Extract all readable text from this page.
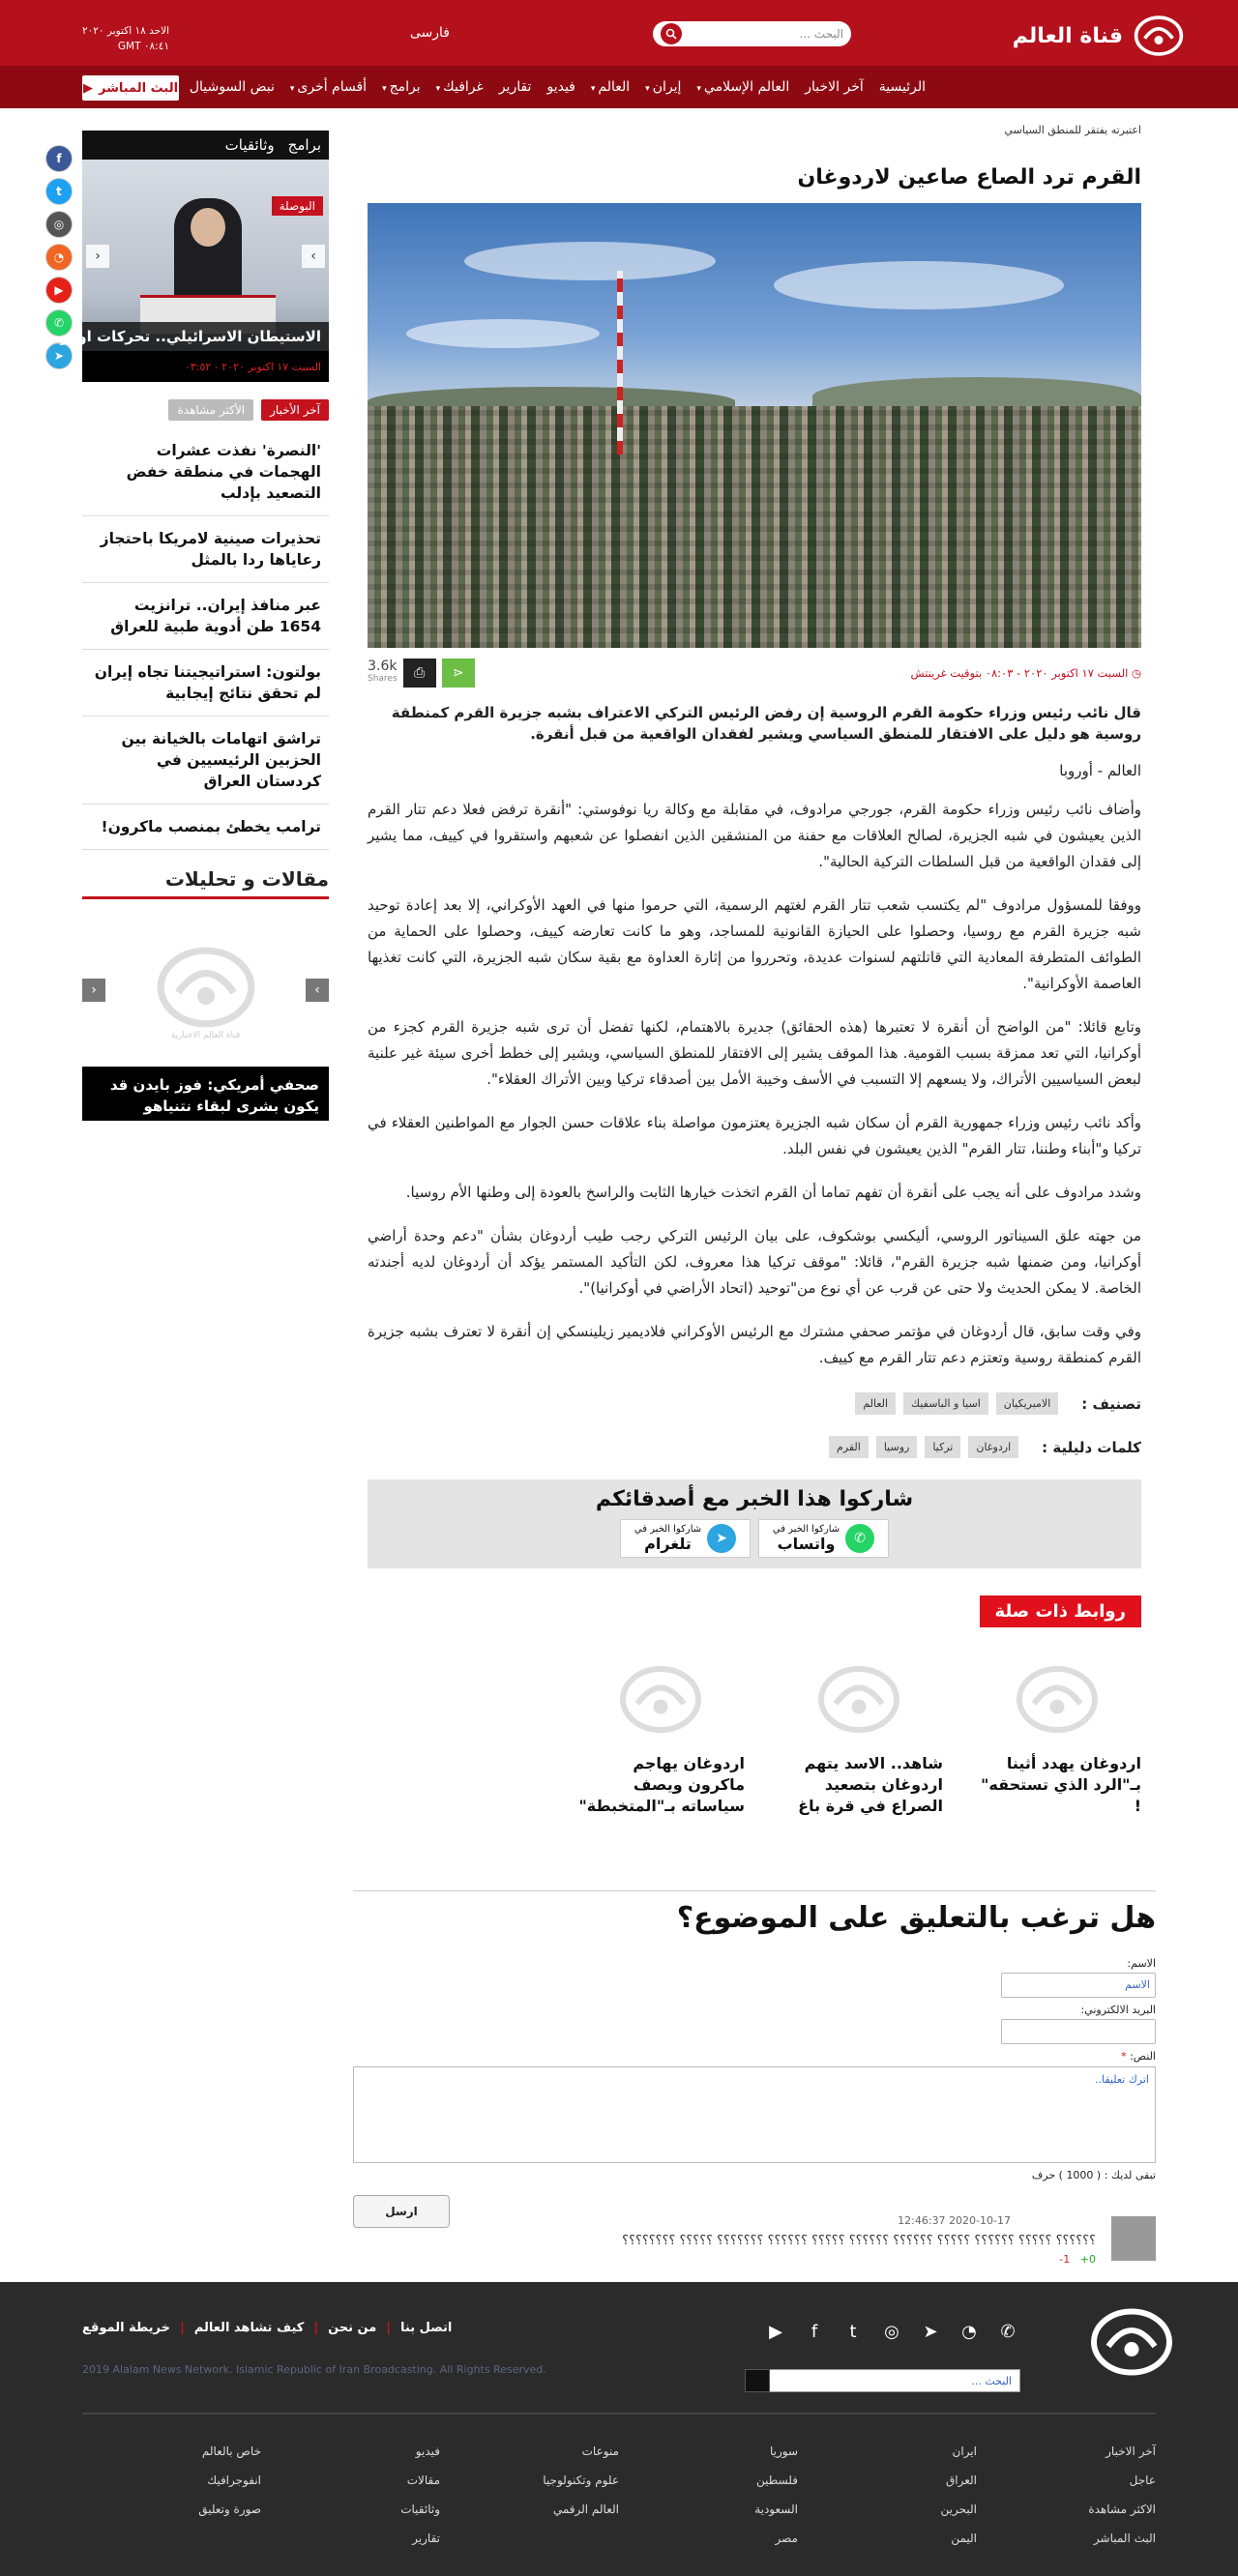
قناة العالم
فارسی	البحث ...
الاحد ١٨ اكتوبر ٢٠٢٠
٠٨:٤١ GMT
الرئيسية
آخر الاخبار
العالم الإسلامي▾
إيران▾
العالم▾
فيديو
تقارير
غرافيك▾
برامج▾
أقسام أخرى▾
نبض السوشيال
البث المباشر
▶
f
t
◎
◔
▶
✆
➤
برامج
وثائقيات
البوصلة
›
‹
الاستيطان الاسرائيلي.. تحركات اوروبية
السبت ١٧ اكتوبر ٢٠٢٠ - ٠٣:٥٢
آخر الأخبار
الأكثر مشاهدة
'النصرة' نفذت عشرات الهجمات في منطقة خفض التصعيد بإدلب
تحذيرات صينية لامريكا باحتجاز رعاياها ردا بالمثل
عبر منافذ إيران.. ترانزيت 1654 طن أدوية طبية للعراق
بولتون: استراتيجيتنا تجاه إيران لم تحقق نتائج إيجابية
تراشق اتهامات بالخيانة بين الحزبين الرئيسيين في كردستان العراق
ترامب يخطئ بمنصب ماكرون!
مقالات و تحليلات
›
قناة العالم الاخبارية
‹
صحفي أمريكي: فوز بايدن قد يكون بشرى لبقاء نتنياهو السياسي
اعتبرته يفتقر للمنطق السياسي
القرم ترد الصاع صاعين لاردوغان
◷ السبت ١٧ اكتوبر ٢٠٢٠ - ٠٨:٠٣ بتوقيت غرينتش
⋖
⎙
3.6k
Shares

قال نائب رئيس وزراء حكومة القرم الروسية إن رفض الرئيس التركي الاعتراف بشبه جزيرة القرم كمنطقة روسية هو دليل على الافتقار للمنطق السياسي ويشير لفقدان الواقعية من قبل أنقرة.

العالم - أوروبا

وأضاف نائب رئيس وزراء حكومة القرم، جورجي مرادوف، في مقابلة مع وكالة ريا نوفوستي: "أنقرة ترفض فعلا دعم تتار القرم الذين يعيشون في شبه الجزيرة، لصالح العلاقات مع حفنة من المنشقين الذين انفصلوا عن شعبهم واستقروا في كييف، مما يشير إلى فقدان الواقعية من قبل السلطات التركية الحالية".

ووفقا للمسؤول مرادوف "لم يكتسب شعب تتار القرم لغتهم الرسمية، التي حرموا منها في العهد الأوكراني، إلا بعد إعادة توحيد شبه جزيرة القرم مع روسيا، وحصلوا على الحيازة القانونية للمساجد، وهو ما كانت تعارضه كييف، وحصلوا على الحماية من الطوائف المتطرفة المعادية التي قاتلتهم لسنوات عديدة، وتحرروا من إثارة العداوة مع بقية سكان شبه الجزيرة، التي كانت تغذيها العاصمة الأوكرانية".

وتابع قائلا: "من الواضح أن أنقرة لا تعتبرها (هذه الحقائق) جديرة بالاهتمام، لكنها تفضل أن ترى شبه جزيرة القرم كجزء من أوكرانيا، التي تعد ممزقة بسبب القومية. هذا الموقف يشير إلى الافتقار للمنطق السياسي، ويشير إلى خطط أخرى سيئة غير علنية لبعض السياسيين الأتراك، ولا يسعهم إلا التسبب في الأسف وخيبة الأمل بين أصدقاء تركيا وبين الأتراك العقلاء".

وأكد نائب رئيس وزراء جمهورية القرم أن سكان شبه الجزيرة يعتزمون مواصلة بناء علاقات حسن الجوار مع المواطنين العقلاء في تركيا و"أبناء وطننا، تتار القرم" الذين يعيشون في نفس البلد.

وشدد مرادوف على أنه يجب على أنقرة أن تفهم تماما أن القرم اتخذت خيارها الثابت والراسخ بالعودة إلى وطنها الأم روسيا.

من جهته علق السيناتور الروسي، أليكسي بوشكوف، على بيان الرئيس التركي رجب طيب أردوغان بشأن "دعم وحدة أراضي أوكرانيا، ومن ضمنها شبه جزيرة القرم"، قائلا: "موقف تركيا هذا معروف، لكن التأكيد المستمر يؤكد أن أردوغان لديه أجندته الخاصة. لا يمكن الحديث ولا حتى عن قرب عن أي نوع من"توحيد (اتحاد الأراضي في أوكرانيا)".

وفي وقت سابق، قال أردوغان في مؤتمر صحفي مشترك مع الرئيس الأوكراني فلاديمير زيلينسكي إن أنقرة لا تعترف بشبه جزيرة القرم كمنطقة روسية وتعتزم دعم تتار القرم مع كييف.

تصنيف :
الامبريكيان
اسيا و الباسفيك
العالم
كلمات دليلية :
اردوغان
تركيا
روسيا
القرم
شاركوا هذا الخبر مع أصدقائكم
✆
شاركوا الخبر في
واتساب
➤
شاركوا الخبر في
تلغرام
روابط ذات صلة
اردوغان يهدد أثينا بـ"الرد الذي تستحقه" !
شاهد.. الاسد يتهم اردوغان بتصعيد الصراع في قرة باغ
اردوغان يهاجم ماكرون ويصف سياساته بـ"المتخبطة"
هل ترغب بالتعليق على الموضوع؟
الاسم:
الاسم
البريد الالكتروني:
النص: *
اترك تعليقا..
تبقى لديك : ( 1000 ) حرف
ارسل
2020-10-17 12:46:37
؟؟؟؟؟؟ ؟؟؟؟؟ ؟؟؟؟؟؟ ؟؟؟؟؟ ؟؟؟؟؟؟ ؟؟؟؟؟؟ ؟؟؟؟؟ ؟؟؟؟؟؟ ؟؟؟؟؟؟؟ ؟؟؟؟؟ ؟؟؟؟؟؟؟؟
0+   1-
✆
◔
➤
◎
t
f
▶
اتصل بنا
|
من نحن
|
كيف تشاهد العالم
|
خريطة الموقع
2019 Alalam News Network. Islamic Republic of Iran Broadcasting. All Rights Reserved.
البحث ...
آخر الاخبار
ايران
سوريا
منوعات
فيديو
خاص بالعالم
عاجل
العراق
فلسطين
علوم وتكنولوجيا
مقالات
انفوجرافيك
الاكثر مشاهدة
البحرين
السعودية
العالم الرقمي
وثائقيات
صورة وتعليق
البث المباشر
اليمن
مصر
تقارير
